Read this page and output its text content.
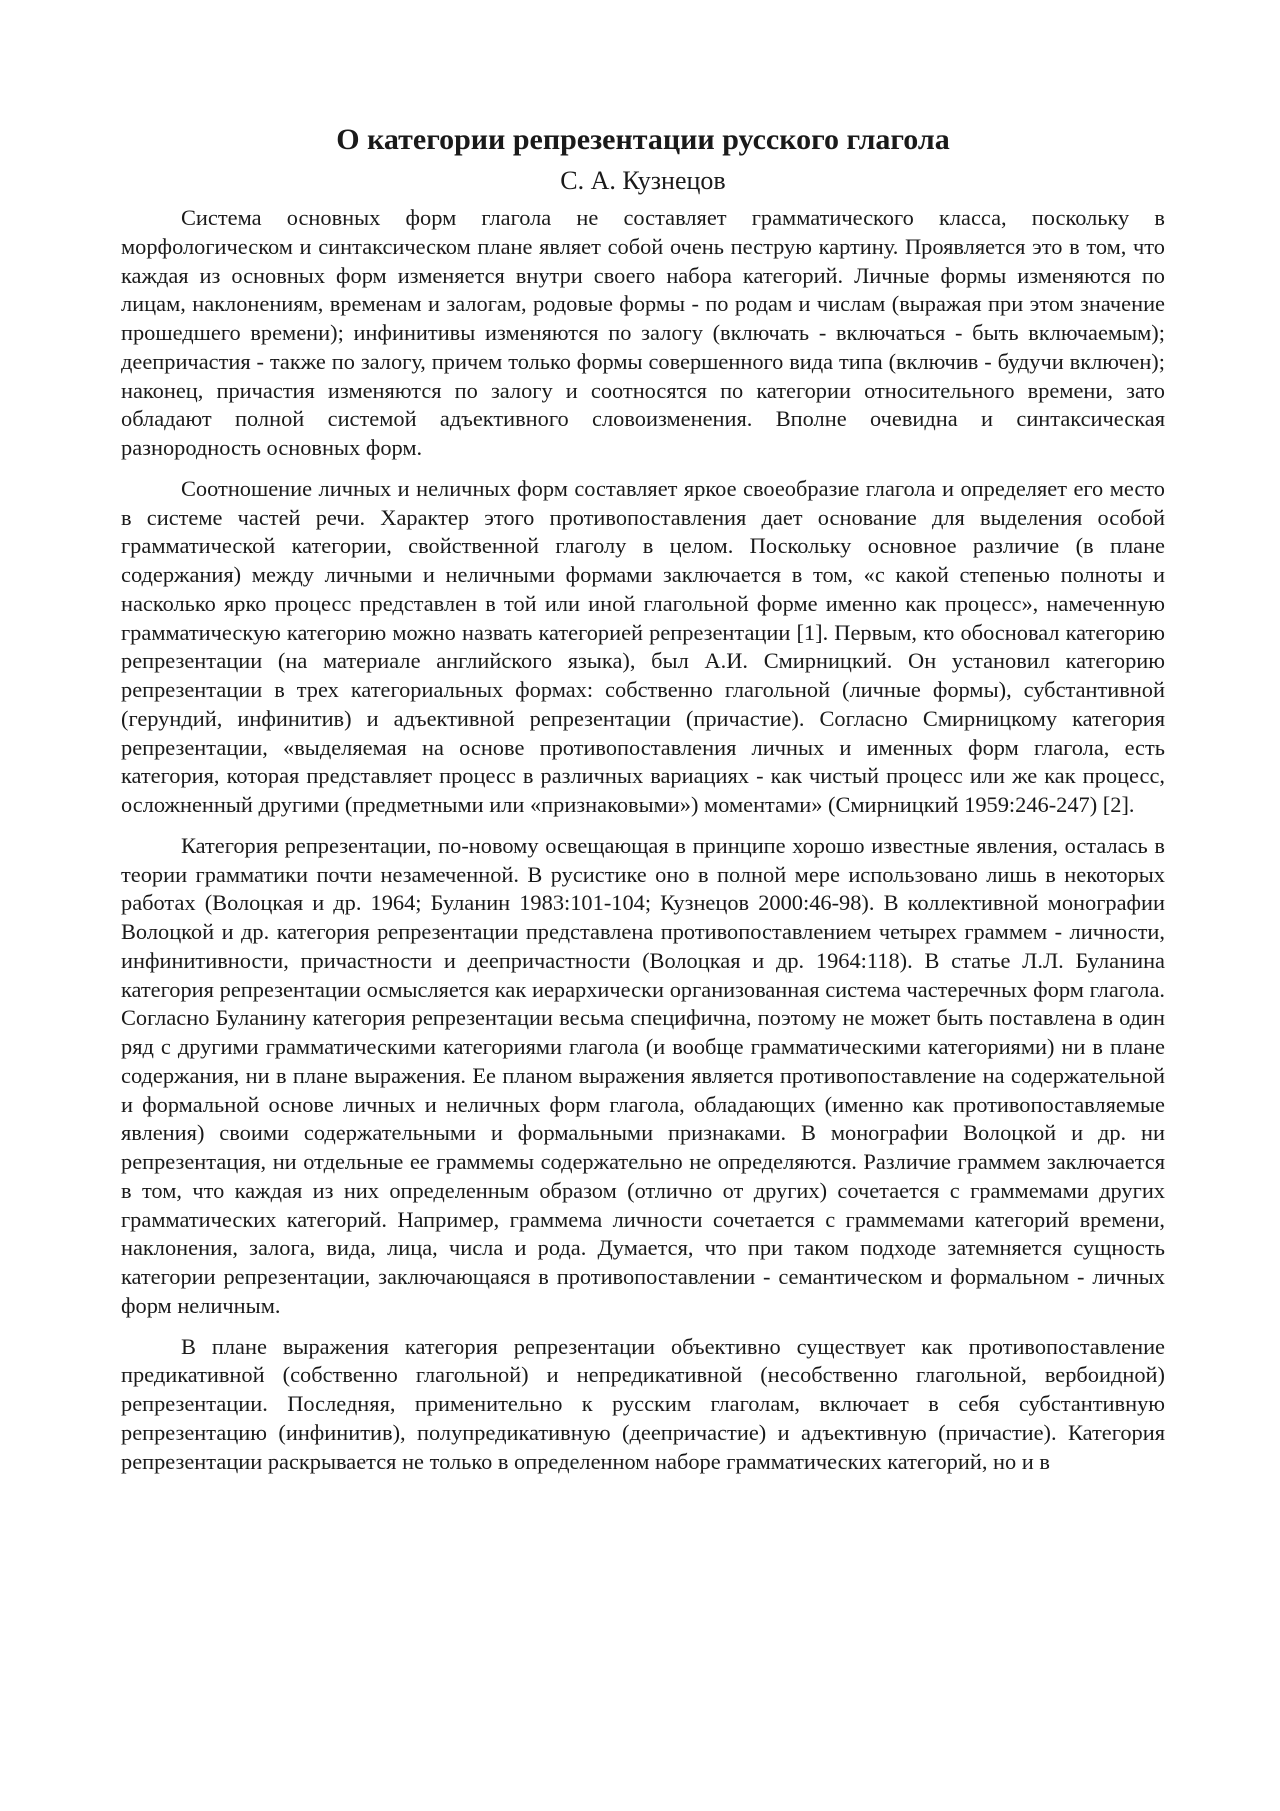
О категории репрезентации русского глагола
С. А. Кузнецов

Система основных форм глагола не составляет грамматического класса, поскольку в морфологическом и синтаксическом плане являет собой очень пеструю картину. Проявляется это в том, что каждая из основных форм изменяется внутри своего набора категорий. Личные формы изменяются по лицам, наклонениям, временам и залогам, родовые формы - по родам и числам (выражая при этом значение прошедшего времени); инфинитивы изменяются по залогу (включать - включаться - быть включаемым); деепричастия - также по залогу, причем только формы совершенного вида типа (включив - будучи включен); наконец, причастия изменяются по залогу и соотносятся по категории относительного времени, зато обладают полной системой адъективного словоизменения. Вполне очевидна и синтаксическая разнородность основных форм.

Соотношение личных и неличных форм составляет яркое своеобразие глагола и определяет его место в системе частей речи. Характер этого противопоставления дает основание для выделения особой грамматической категории, свойственной глаголу в целом. Поскольку основное различие (в плане содержания) между личными и неличными формами заключается в том, «с какой степенью полноты и насколько ярко процесс представлен в той или иной глагольной форме именно как процесс», намеченную грамматическую категорию можно назвать категорией репрезентации [1]. Первым, кто обосновал категорию репрезентации (на материале английского языка), был А.И. Смирницкий. Он установил категорию репрезентации в трех категориальных формах: собственно глагольной (личные формы), субстантивной (герундий, инфинитив) и адъективной репрезентации (причастие). Согласно Смирницкому категория репрезентации, «выделяемая на основе противопоставления личных и именных форм глагола, есть категория, которая представляет процесс в различных вариациях - как чистый процесс или же как процесс, осложненный другими (предметными или «признаковыми») моментами» (Смирницкий 1959:246-247) [2].

Категория репрезентации, по-новому освещающая в принципе хорошо известные явления, осталась в теории грамматики почти незамеченной. В русистике оно в полной мере использовано лишь в некоторых работах (Волоцкая и др. 1964; Буланин 1983:101-104; Кузнецов 2000:46-98). В коллективной монографии Волоцкой и др. категория репрезентации представлена противопоставлением четырех граммем - личности, инфинитивности, причастности и деепричастности (Волоцкая и др. 1964:118). В статье Л.Л. Буланина категория репрезентации осмысляется как иерархически организованная система частеречных форм глагола. Согласно Буланину категория репрезентации весьма специфична, поэтому не может быть поставлена в один ряд с другими грамматическими категориями глагола (и вообще грамматическими категориями) ни в плане содержания, ни в плане выражения. Ее планом выражения является противопоставление на содержательной и формальной основе личных и неличных форм глагола, обладающих (именно как противопоставляемые явления) своими содержательными и формальными признаками. В монографии Волоцкой и др. ни репрезентация, ни отдельные ее граммемы содержательно не определяются. Различие граммем заключается в том, что каждая из них определенным образом (отлично от других) сочетается с граммемами других грамматических категорий. Например, граммема личности сочетается с граммемами категорий времени, наклонения, залога, вида, лица, числа и рода. Думается, что при таком подходе затемняется сущность категории репрезентации, заключающаяся в противопоставлении - семантическом и формальном - личных форм неличным.

В плане выражения категория репрезентации объективно существует как противопоставление предикативной (собственно глагольной) и непредикативной (несобственно глагольной, вербоидной) репрезентации. Последняя, применительно к русским глаголам, включает в себя субстантивную репрезентацию (инфинитив), полупредикативную (деепричастие) и адъективную (причастие). Категория репрезентации раскрывается не только в определенном наборе грамматических категорий, но и в
